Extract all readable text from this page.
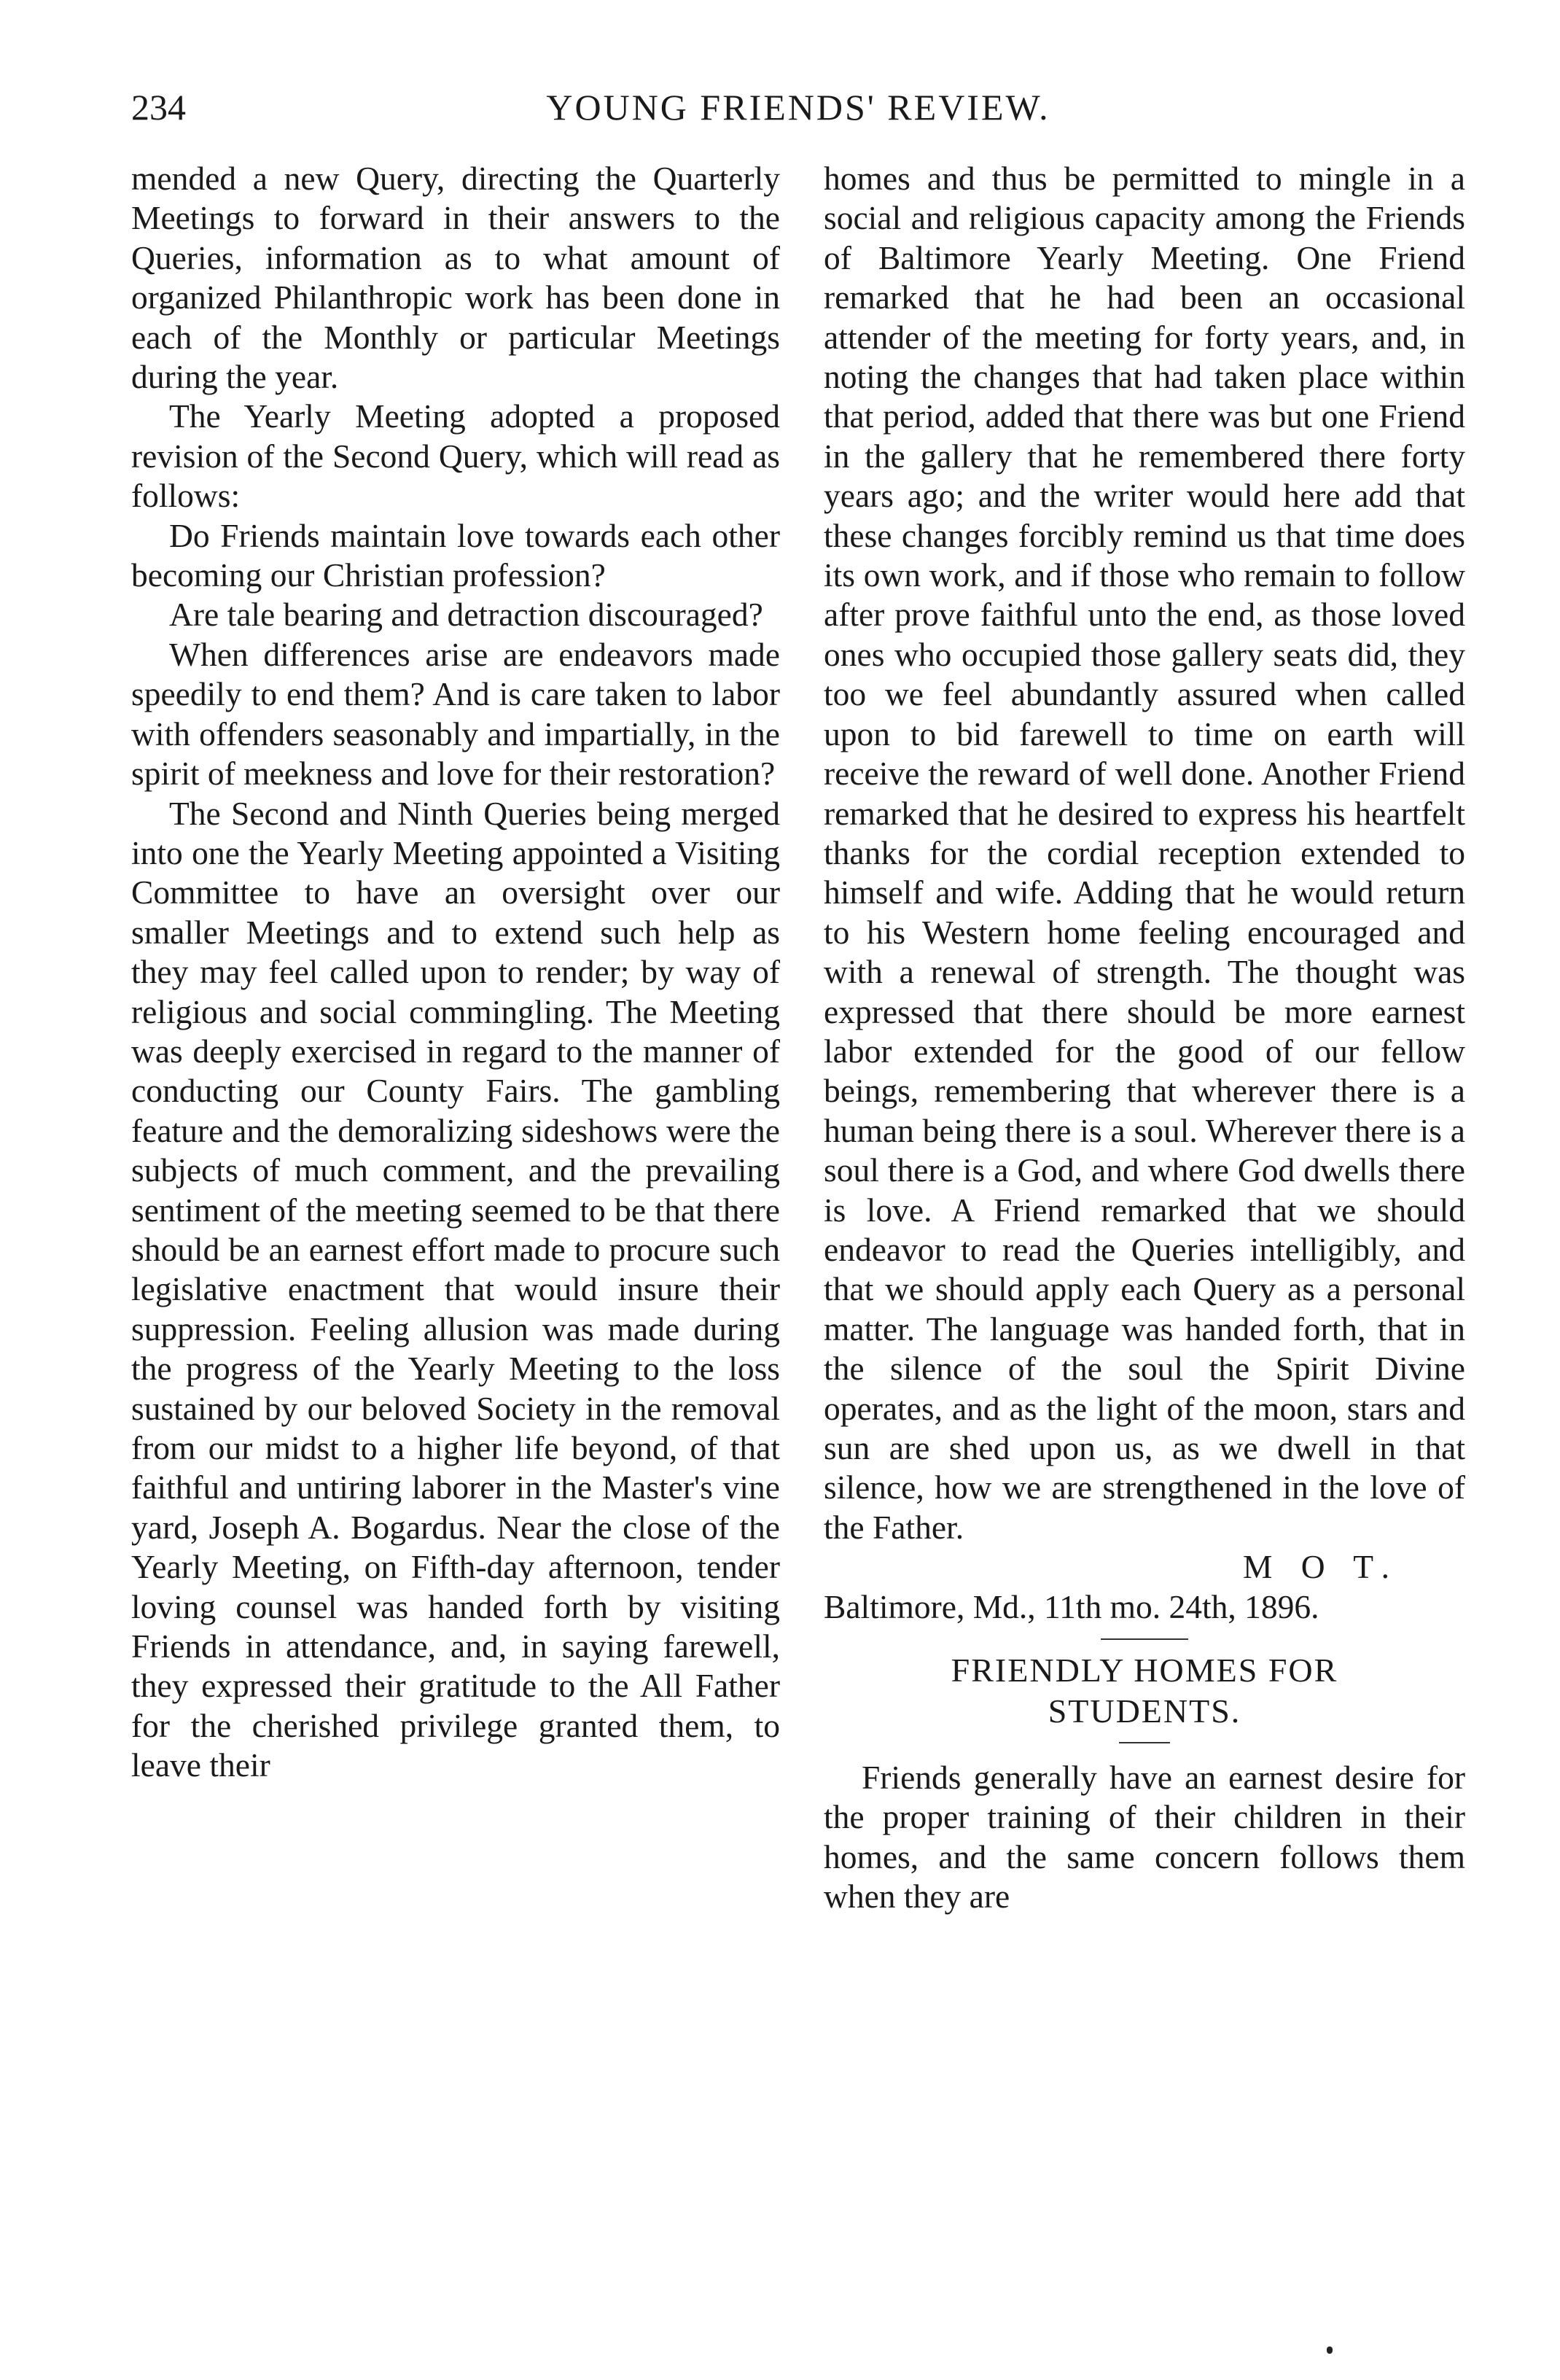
234	YOUNG FRIENDS' REVIEW.

mended a new Query, directing the Quarterly Meetings to forward in their answers to the Queries, information as to what amount of organized Philanthropic work has been done in each of the Monthly or particular Meetings during the year.

The Yearly Meeting adopted a proposed revision of the Second Query, which will read as follows:

Do Friends maintain love towards each other becoming our Christian profession?

Are tale bearing and detraction discouraged?

When differences arise are endeavors made speedily to end them? And is care taken to labor with offenders seasonably and impartially, in the spirit of meekness and love for their restoration?

The Second and Ninth Queries being merged into one the Yearly Meeting appointed a Visiting Committee to have an oversight over our smaller Meetings and to extend such help as they may feel called upon to render; by way of religious and social commingling. The Meeting was deeply exercised in regard to the manner of conducting our County Fairs. The gambling feature and the demoralizing sideshows were the subjects of much comment, and the prevailing sentiment of the meeting seemed to be that there should be an earnest effort made to procure such legislative enactment that would insure their suppression. Feeling allusion was made during the progress of the Yearly Meeting to the loss sustained by our beloved Society in the removal from our midst to a higher life beyond, of that faithful and untiring laborer in the Master's vine yard, Joseph A. Bogardus. Near the close of the Yearly Meeting, on Fifth-day afternoon, tender loving counsel was handed forth by visiting Friends in attendance, and, in saying farewell, they expressed their gratitude to the All Father for the cherished privilege granted them, to leave their

homes and thus be permitted to mingle in a social and religious capacity among the Friends of Baltimore Yearly Meeting. One Friend remarked that he had been an occasional attender of the meeting for forty years, and, in noting the changes that had taken place within that period, added that there was but one Friend in the gallery that he remembered there forty years ago; and the writer would here add that these changes forcibly remind us that time does its own work, and if those who remain to follow after prove faithful unto the end, as those loved ones who occupied those gallery seats did, they too we feel abundantly assured when called upon to bid farewell to time on earth will receive the reward of well done. Another Friend remarked that he desired to express his heartfelt thanks for the cordial reception extended to himself and wife. Adding that he would return to his Western home feeling encouraged and with a renewal of strength. The thought was expressed that there should be more earnest labor extended for the good of our fellow beings, remembering that wherever there is a human being there is a soul. Wherever there is a soul there is a God, and where God dwells there is love. A Friend remarked that we should endeavor to read the Queries intelligibly, and that we should apply each Query as a personal matter. The language was handed forth, that in the silence of the soul the Spirit Divine operates, and as the light of the moon, stars and sun are shed upon us, as we dwell in that silence, how we are strengthened in the love of the Father.

M O T.

Baltimore, Md., 11th mo. 24th, 1896.

FRIENDLY HOMES FOR
STUDENTS.

Friends generally have an earnest desire for the proper training of their children in their homes, and the same concern follows them when they are
